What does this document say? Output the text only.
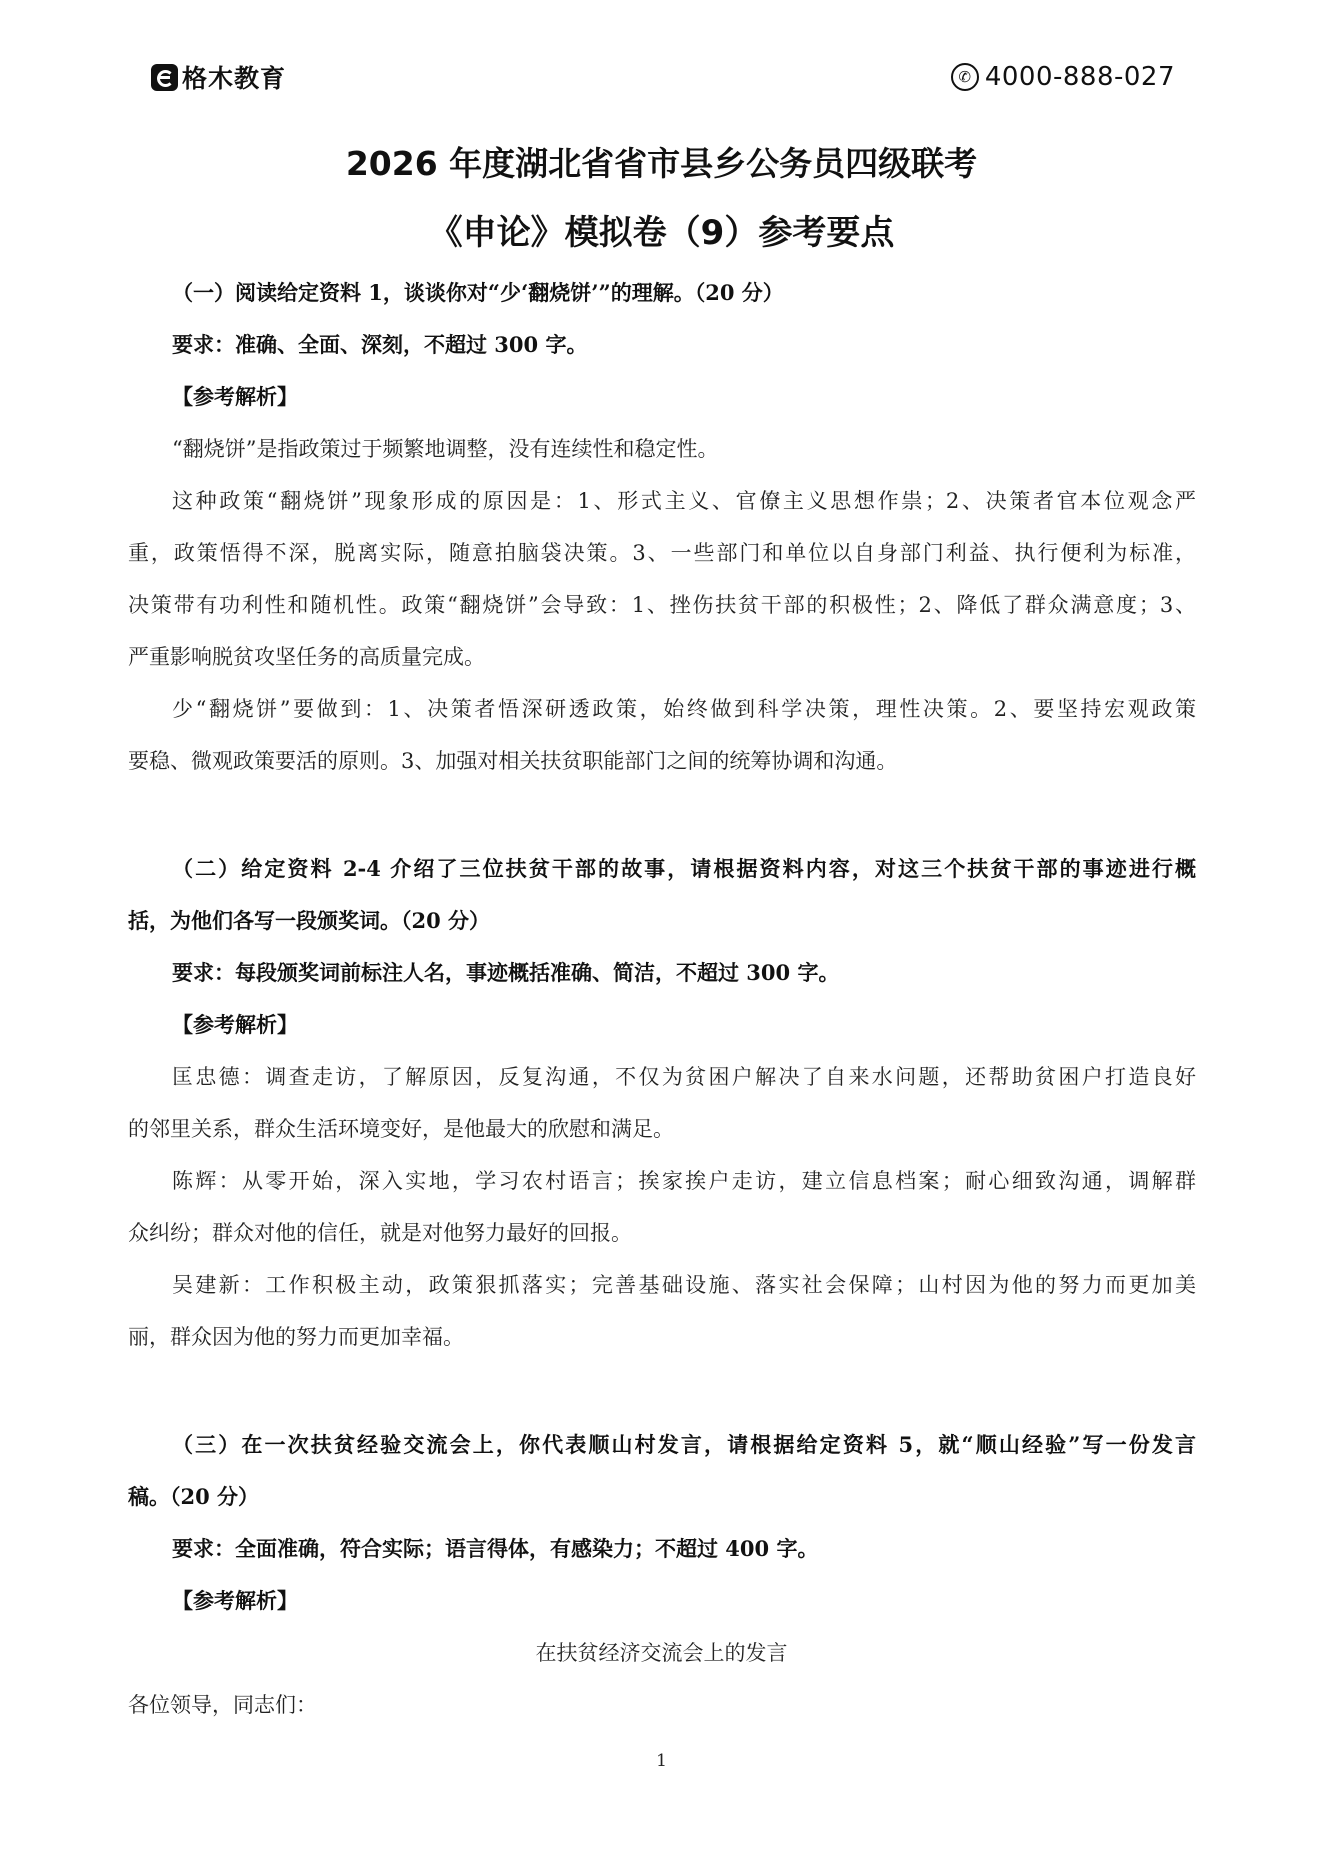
格木教育	✆ 4000-888-027
2026 年度湖北省省市县乡公务员四级联考
《申论》模拟卷（9）参考要点
（一）阅读给定资料 1，谈谈你对“少‘翻烧饼’”的理解。（20 分）
要求：准确、全面、深刻，不超过 300 字。
【参考解析】
“翻烧饼”是指政策过于频繁地调整，没有连续性和稳定性。
这种政策“翻烧饼”现象形成的原因是：1、形式主义、官僚主义思想作祟；2、决策者官本位观念严
重，政策悟得不深，脱离实际，随意拍脑袋决策。3、一些部门和单位以自身部门利益、执行便利为标准，
决策带有功利性和随机性。政策“翻烧饼”会导致：1、挫伤扶贫干部的积极性；2、降低了群众满意度；3、
严重影响脱贫攻坚任务的高质量完成。
少“翻烧饼”要做到：1、决策者悟深研透政策，始终做到科学决策，理性决策。2、要坚持宏观政策
要稳、微观政策要活的原则。3、加强对相关扶贫职能部门之间的统筹协调和沟通。
（二）给定资料 2-4 介绍了三位扶贫干部的故事，请根据资料内容，对这三个扶贫干部的事迹进行概
括，为他们各写一段颁奖词。（20 分）
要求：每段颁奖词前标注人名，事迹概括准确、简洁，不超过 300 字。
【参考解析】
匡忠德：调查走访，了解原因，反复沟通，不仅为贫困户解决了自来水问题，还帮助贫困户打造良好
的邻里关系，群众生活环境变好，是他最大的欣慰和满足。
陈辉：从零开始，深入实地，学习农村语言；挨家挨户走访，建立信息档案；耐心细致沟通，调解群
众纠纷；群众对他的信任，就是对他努力最好的回报。
吴建新：工作积极主动，政策狠抓落实；完善基础设施、落实社会保障；山村因为他的努力而更加美
丽，群众因为他的努力而更加幸福。
（三）在一次扶贫经验交流会上，你代表顺山村发言，请根据给定资料 5，就“顺山经验”写一份发言
稿。（20 分）
要求：全面准确，符合实际；语言得体，有感染力；不超过 400 字。
【参考解析】
在扶贫经济交流会上的发言
各位领导，同志们：
1
